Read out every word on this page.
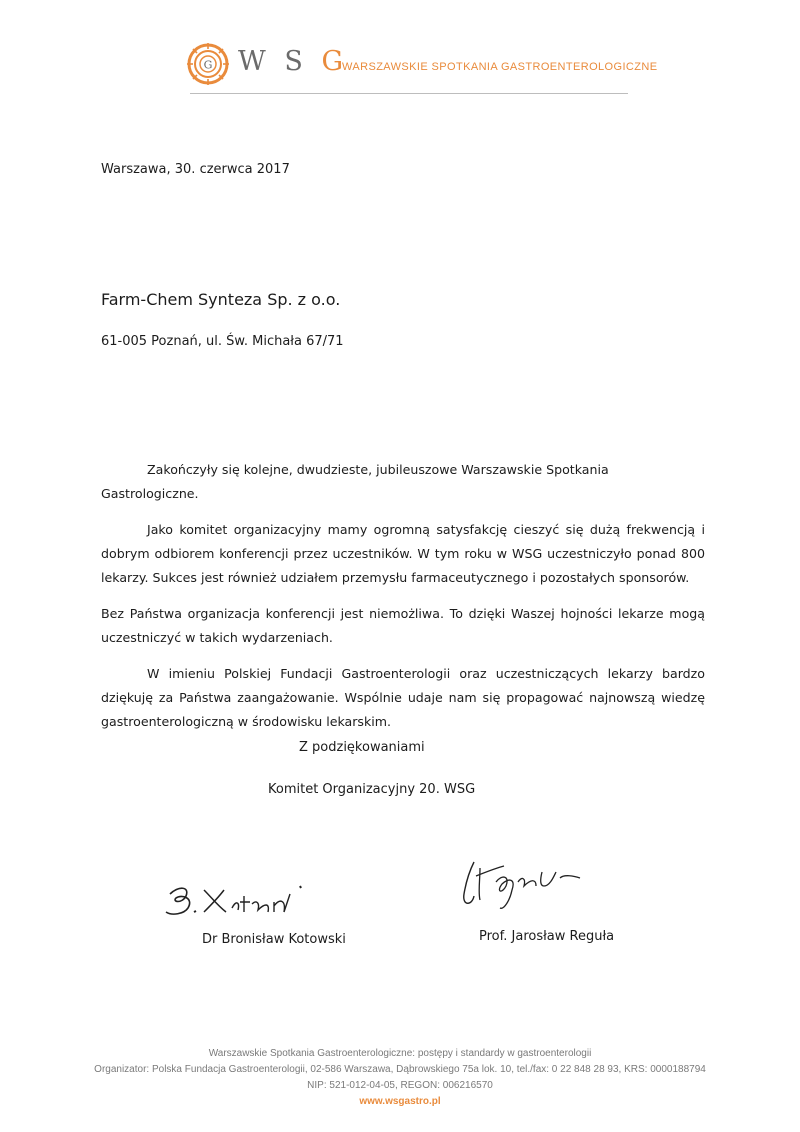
G W S G
WARSZAWSKIE SPOTKANIA GASTROENTEROLOGICZNE
Warszawa, 30. czerwca 2017
Farm-Chem Synteza Sp. z o.o.
61-005 Poznań, ul. Św. Michała 67/71

Zakończyły się kolejne, dwudzieste, jubileuszowe Warszawskie Spotkania Gastrologiczne.

Jako komitet organizacyjny mamy ogromną satysfakcję cieszyć się dużą frekwencją i dobrym odbiorem konferencji przez uczestników. W tym roku w WSG uczestniczyło ponad 800 lekarzy. Sukces jest również udziałem przemysłu farmaceutycznego i pozostałych sponsorów.

Bez Państwa organizacja konferencji jest niemożliwa. To dzięki Waszej hojności lekarze mogą uczestniczyć w takich wydarzeniach.

W imieniu Polskiej Fundacji Gastroenterologii oraz uczestniczących lekarzy bardzo dziękuję za Państwa zaangażowanie. Wspólnie udaje nam się propagować najnowszą wiedzę gastroenterologiczną w środowisku lekarskim.

Z podziękowaniami
Komitet Organizacyjny 20. WSG
Dr Bronisław Kotowski	Prof. Jarosław Reguła
Warszawskie Spotkania Gastroenterologiczne: postępy i standardy w gastroenterologii
Organizator: Polska Fundacja Gastroenterologii, 02-586 Warszawa, Dąbrowskiego 75a lok. 10, tel./fax: 0 22 848 28 93, KRS: 0000188794
NIP: 521-012-04-05, REGON: 006216570
www.wsgastro.pl
